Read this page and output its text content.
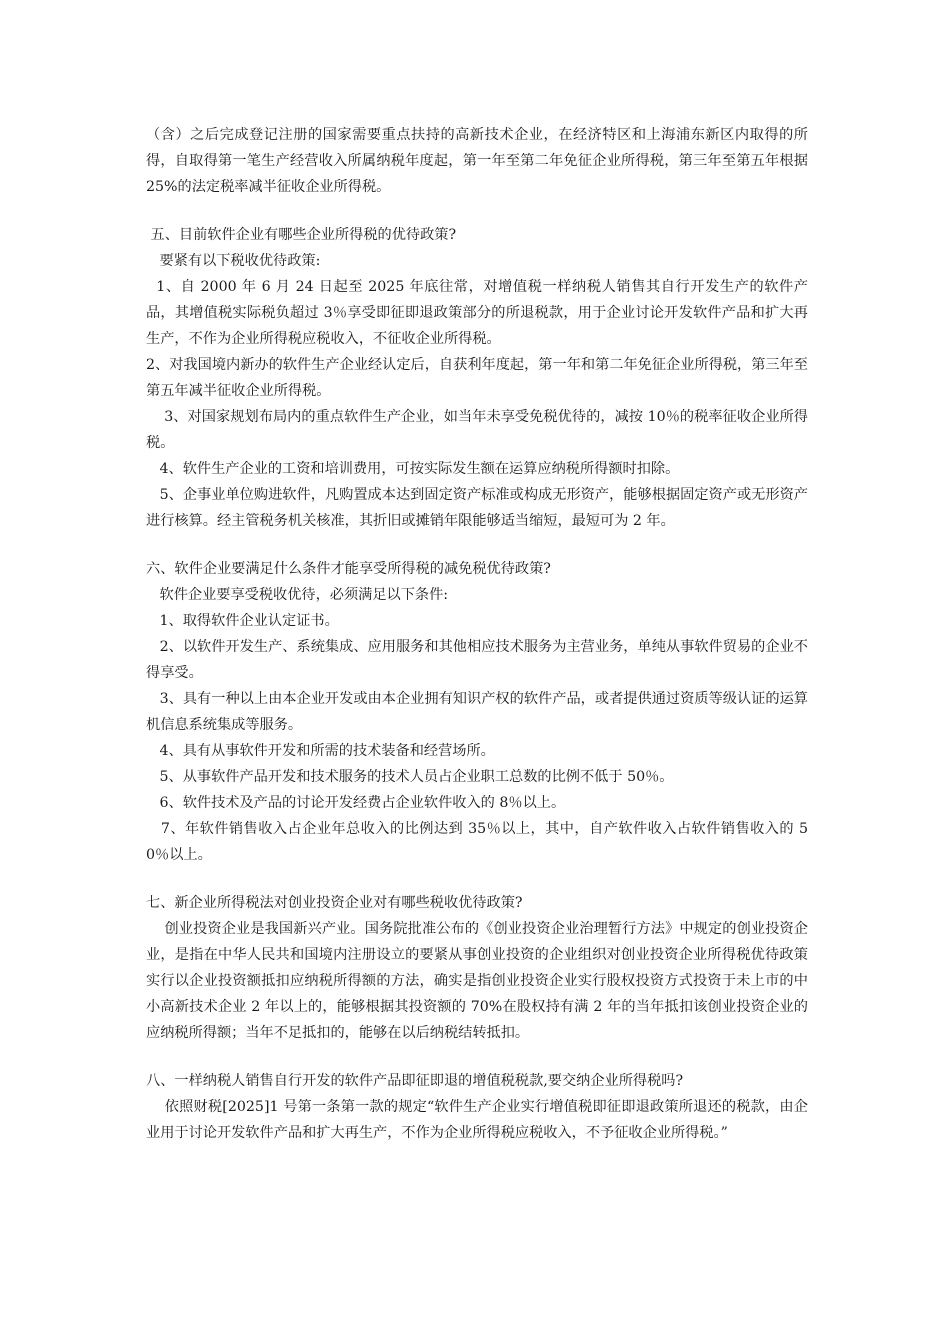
（含）之后完成登记注册的国家需要重点扶持的高新技术企业，在经济特区和上海浦东新区内取得的所得，自取得第一笔生产经营收入所属纳税年度起，第一年至第二年免征企业所得税，第三年至第五年根据 25%的法定税率减半征收企业所得税。

五、目前软件企业有哪些企业所得税的优待政策?

要紧有以下税收优待政策:

1、自 2000 年 6 月 24 日起至 2025 年底往常，对增值税一样纳税人销售其自行开发生产的软件产品，其增值税实际税负超过 3％享受即征即退政策部分的所退税款，用于企业讨论开发软件产品和扩大再生产，不作为企业所得税应税收入，不征收企业所得税。

2、对我国境内新办的软件生产企业经认定后，自获利年度起，第一年和第二年免征企业所得税，第三年至第五年减半征收企业所得税。

3、对国家规划布局内的重点软件生产企业，如当年未享受免税优待的，减按 10％的税率征收企业所得税。

4、软件生产企业的工资和培训费用，可按实际发生额在运算应纳税所得额时扣除。

5、企事业单位购进软件，凡购置成本达到固定资产标准或构成无形资产，能够根据固定资产或无形资产进行核算。经主管税务机关核准，其折旧或摊销年限能够适当缩短，最短可为 2 年。

六、软件企业要满足什么条件才能享受所得税的减免税优待政策?

软件企业要享受税收优待，必须满足以下条件:

1、取得软件企业认定证书。

2、以软件开发生产、系统集成、应用服务和其他相应技术服务为主营业务，单纯从事软件贸易的企业不得享受。

3、具有一种以上由本企业开发或由本企业拥有知识产权的软件产品，或者提供通过资质等级认证的运算机信息系统集成等服务。

4、具有从事软件开发和所需的技术装备和经营场所。

5、从事软件产品开发和技术服务的技术人员占企业职工总数的比例不低于 50％。

6、软件技术及产品的讨论开发经费占企业软件收入的 8％以上。

7、年软件销售收入占企业年总收入的比例达到 35％以上，其中，自产软件收入占软件销售收入的 50％以上。

七、新企业所得税法对创业投资企业对有哪些税收优待政策?

创业投资企业是我国新兴产业。国务院批准公布的《创业投资企业治理暂行方法》中规定的创业投资企业，是指在中华人民共和国境内注册设立的要紧从事创业投资的企业组织对创业投资企业所得税优待政策实行以企业投资额抵扣应纳税所得额的方法，确实是指创业投资企业实行股权投资方式投资于未上市的中小高新技术企业 2 年以上的，能够根据其投资额的 70%在股权持有满 2 年的当年抵扣该创业投资企业的应纳税所得额；当年不足抵扣的，能够在以后纳税结转抵扣。

八、一样纳税人销售自行开发的软件产品即征即退的增值税税款,要交纳企业所得税吗?

依照财税[2025]1 号第一条第一款的规定“软件生产企业实行增值税即征即退政策所退还的税款，由企业用于讨论开发软件产品和扩大再生产，不作为企业所得税应税收入，不予征收企业所得税。”
